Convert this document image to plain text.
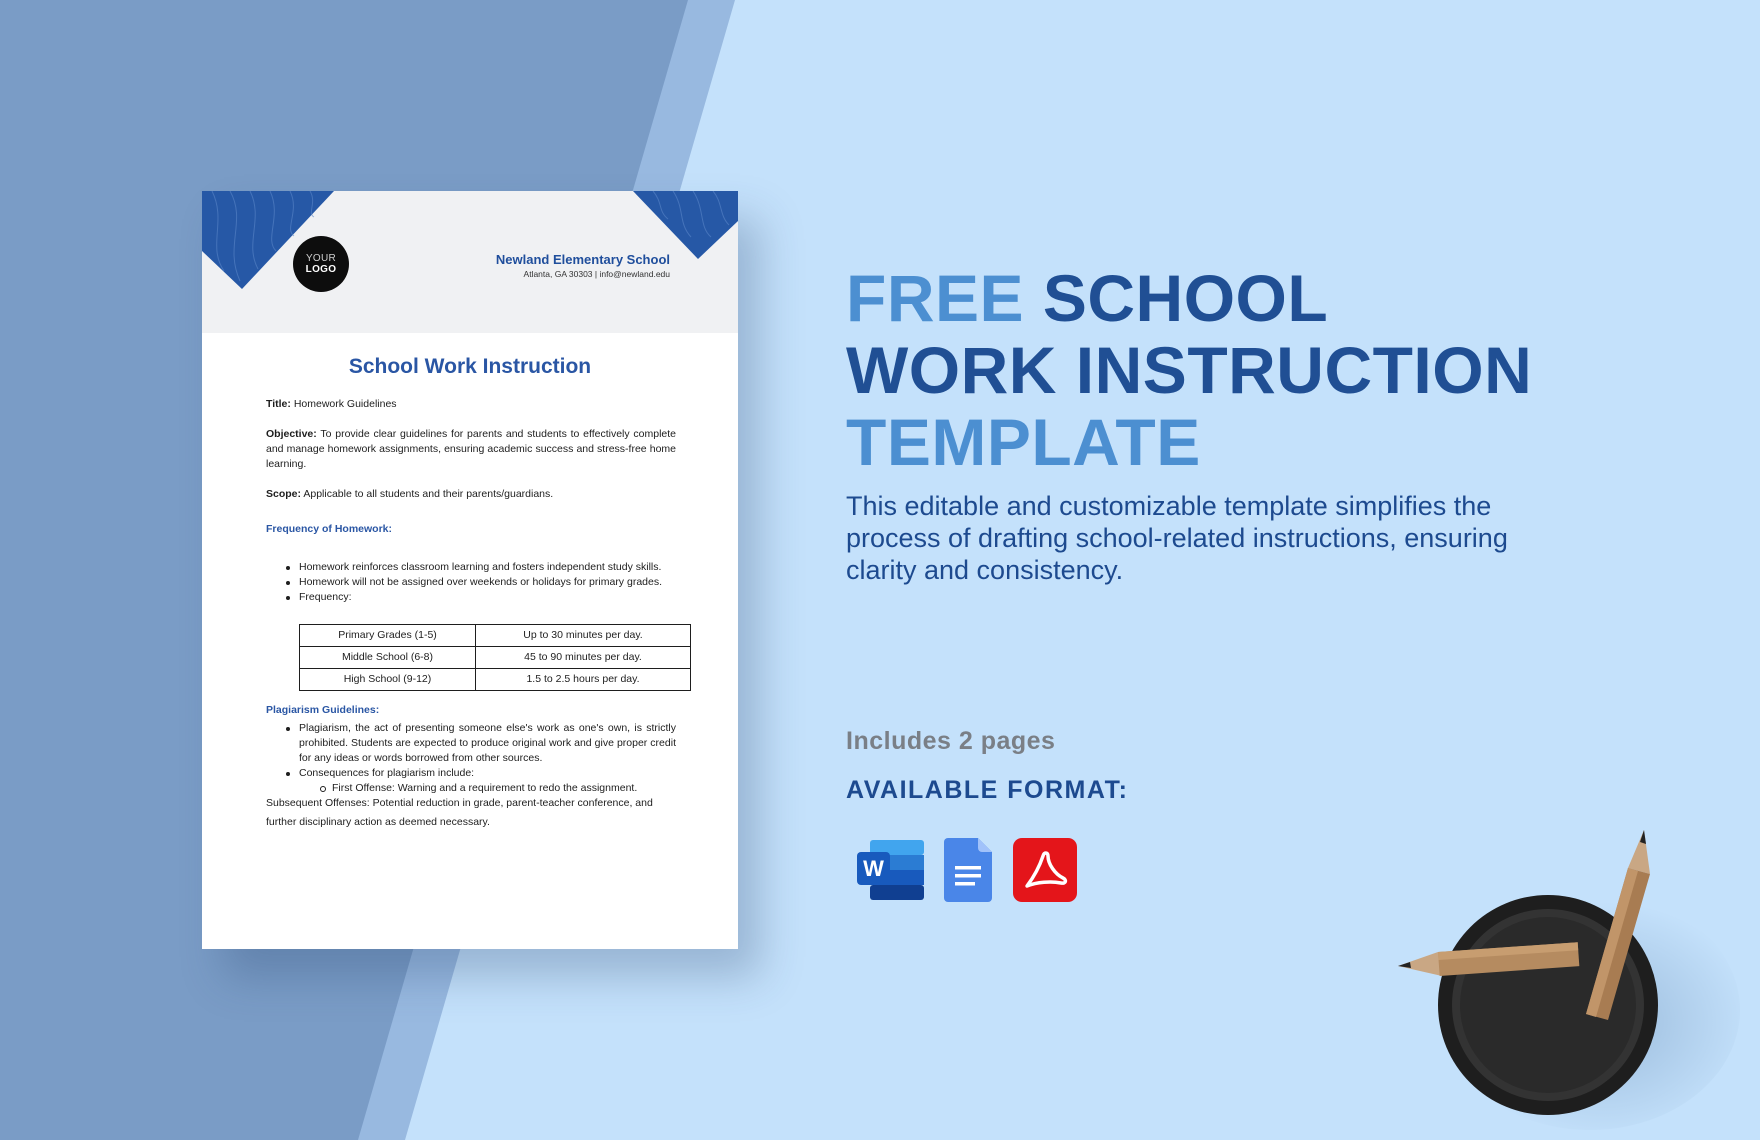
YOUR
LOGO
Newland Elementary School
Atlanta, GA 30303 | info@newland.edu
School Work Instruction

Title: Homework Guidelines

Objective: To provide clear guidelines for parents and students to effectively complete and manage homework assignments, ensuring academic success and stress-free home learning.

Scope: Applicable to all students and their parents/guardians.

Frequency of Homework:

Homework reinforces classroom learning and fosters independent study skills.
Homework will not be assigned over weekends or holidays for primary grades.
Frequency:
Primary Grades (1-5)	Up to 30 minutes per day.
Middle School (6-8)	45 to 90 minutes per day.
High School (9-12)	1.5 to 2.5 hours per day.

Plagiarism Guidelines:

Plagiarism, the act of presenting someone else's work as one's own, is strictly prohibited. Students are expected to produce original work and give proper credit for any ideas or words borrowed from other sources.
Consequences for plagiarism include:
First Offense: Warning and a requirement to redo the assignment.

Subsequent Offenses: Potential reduction in grade, parent-teacher conference, and

further disciplinary action as deemed necessary.

FREE SCHOOL
WORK INSTRUCTION
TEMPLATE
This editable and customizable template simplifies the process of drafting school-related instructions, ensuring clarity and consistency.
Includes 2 pages
AVAILABLE FORMAT:
W
